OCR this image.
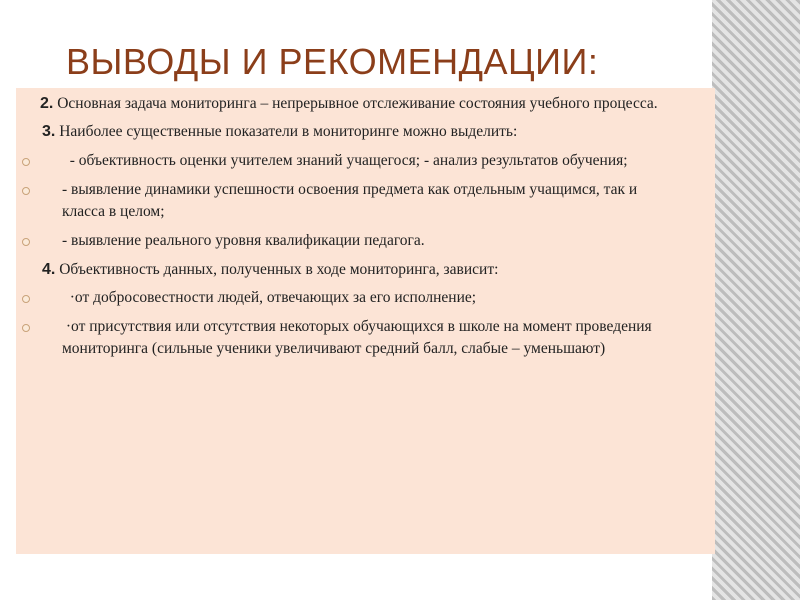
ВЫВОДЫ И РЕКОМЕНДАЦИИ:

2. Основная задача мониторинга – непрерывное отслеживание состояния учебного процесса.

3. Наиболее существенные показатели в мониторинге можно выделить:

- объективность оценки учителем знаний учащегося; - анализ результатов обучения;
- выявление динамики успешности освоения предмета как отдельным учащимся, так и класса в целом;
- выявление реального уровня квалификации педагога.

4. Объективность данных, полученных в ходе мониторинга, зависит:

·от добросовестности людей, отвечающих за его исполнение;
·от присутствия или отсутствия некоторых обучающихся в школе на момент проведения мониторинга (сильные ученики увеличивают средний балл, слабые – уменьшают)
